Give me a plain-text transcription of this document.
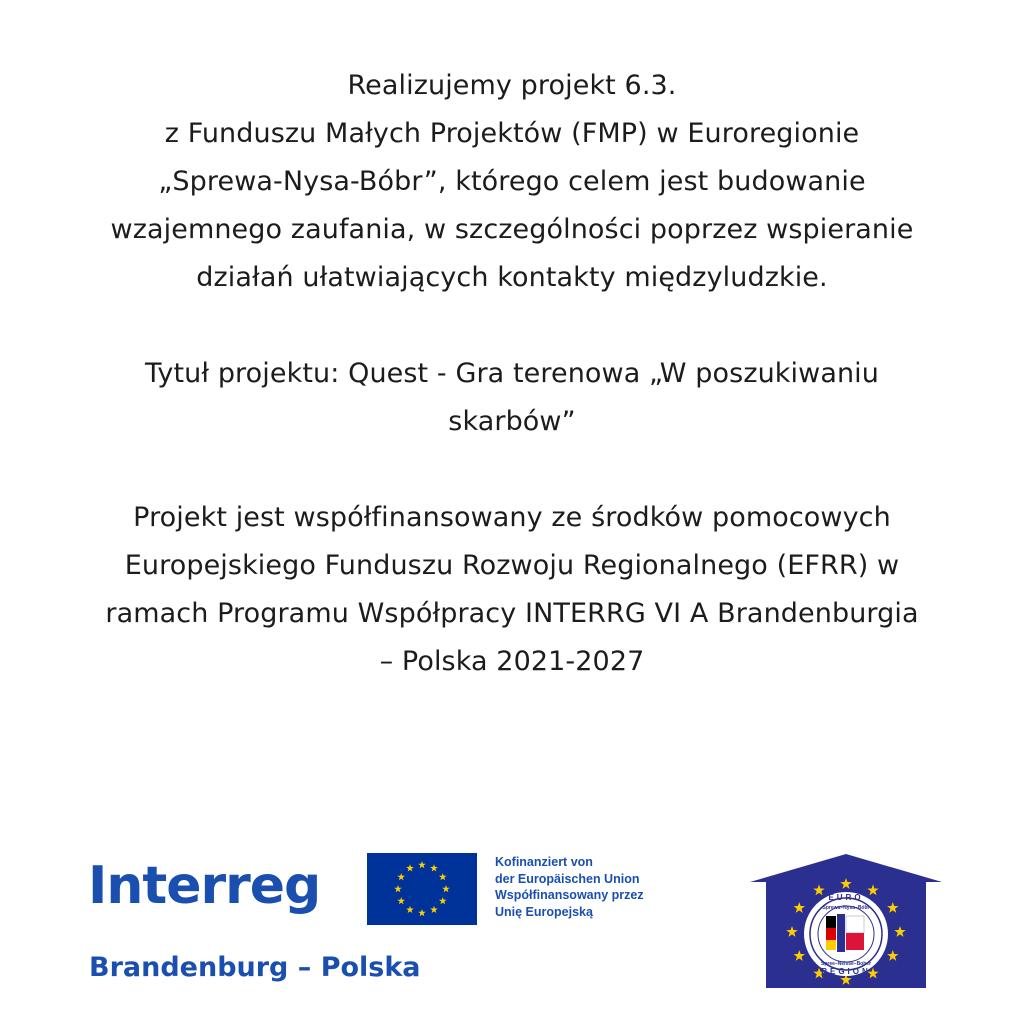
Realizujemy projekt 6.3.
z Funduszu Małych Projektów (FMP) w Euroregionie
„Sprewa-Nysa-Bóbr”, którego celem jest budowanie
wzajemnego zaufania, w szczególności poprzez wspieranie
działań ułatwiających kontakty międzyludzkie.

Tytuł projektu: Quest - Gra terenowa „W poszukiwaniu
skarbów”

Projekt jest współfinansowany ze środków pomocowych
Europejskiego Funduszu Rozwoju Regionalnego (EFRR) w
ramach Programu Współpracy INTERRG VI A Brandenburgia
– Polska 2021-2027

Interreg
Brandenburg – Polska
Kofinanziert von
der Europäischen Union
Współfinansowany przez
Unię Europejską
EURO
Sprewa–Nysa–Bóbr
Spree–Neisse–Bober
REGION
